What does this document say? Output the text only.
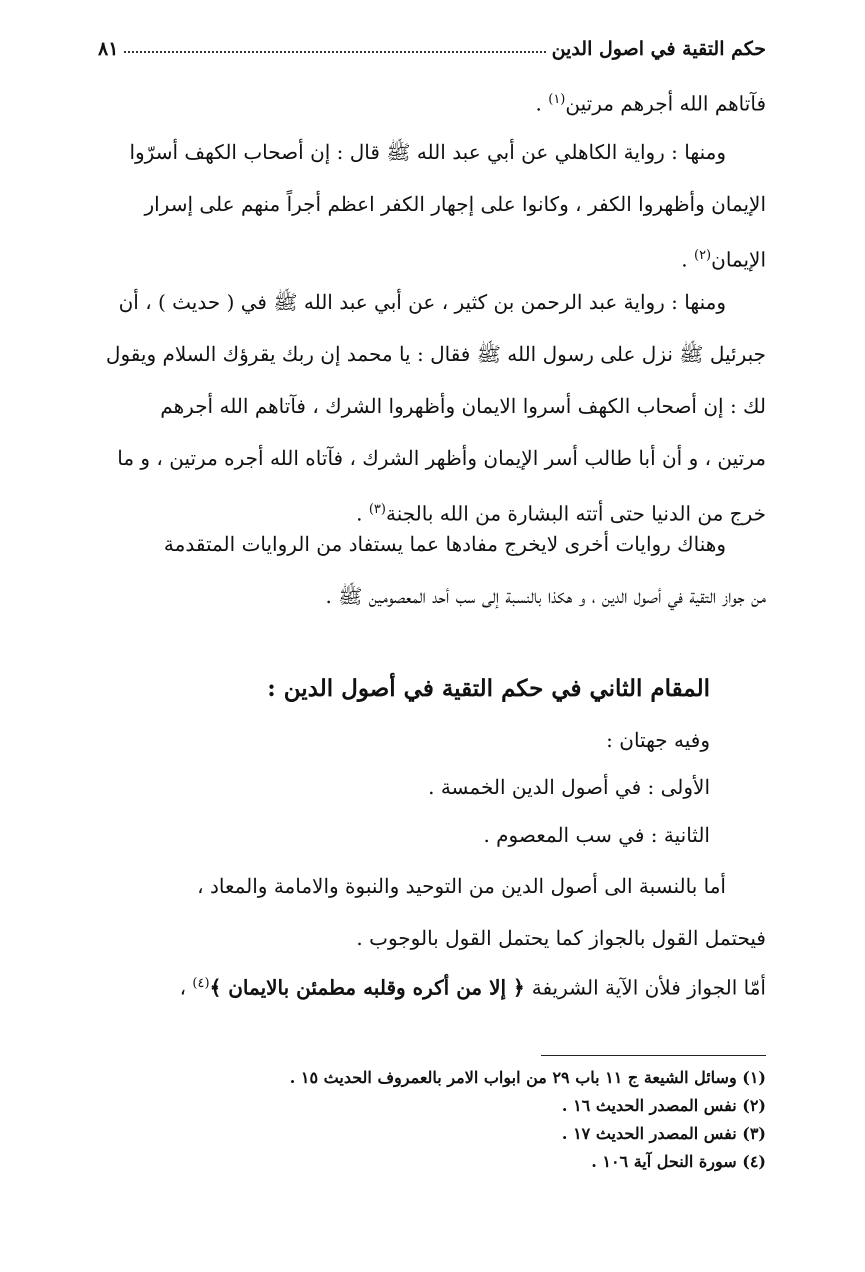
حكم التقية في اصول الدين
٨١

فآتاهم الله أجرهم مرتين$^{(١)}$ .

ومنها : رواية الكاهلي عن أبي عبد الله ﷺ قال : إن أصحاب الكهف أسرّوا
الإيمان وأظهروا الكفر ، وكانوا على إجهار الكفر اعظم أجراً منهم على إسرار
الإيمان$^{(٢)}$ .

ومنها : رواية عبد الرحمن بن كثير ، عن أبي عبد الله ﷺ في ( حديث ) ، أن
جبرئيل ﷺ نزل على رسول الله ﷺ فقال : يا محمد إن ربك يقرؤك السلام ويقول
لك : إن أصحاب الكهف أسروا الايمان وأظهروا الشرك ، فآتاهم الله أجرهم
مرتين ، و أن أبا طالب أسر الإيمان وأظهر الشرك ، فآتاه الله أجره مرتين ، و ما
خرج من الدنيا حتى أتته البشارة من الله بالجنة$^{(٣)}$ .

وهناك روايات أخرى لايخرج مفادها عما يستفاد من الروايات المتقدمة
من جواز التقية في أصول الدين ، و هكذا بالنسبة إلى سب أحد المعصومين ﷺ .

المقام الثاني في حكم التقية في أصول الدين :

وفيه جهتان :

الأولى : في أصول الدين الخمسة .

الثانية : في سب المعصوم .

أما بالنسبة الى أصول الدين من التوحيد والنبوة والامامة والمعاد ،
فيحتمل القول بالجواز كما يحتمل القول بالوجوب .

أمّا الجواز فلأن الآية الشريفة ﴿ إلا من أكره وقلبه مطمئن بالايمان ﴾$^{(٤)}$ ،

(١) وسائل الشيعة ج ١١ باب ٢٩ من ابواب الامر بالعمروف الحديث ١٥ .

(٢) نفس المصدر الحديث ١٦ .

(٣) نفس المصدر الحديث ١٧ .

(٤) سورة النحل آية ١٠٦ .
